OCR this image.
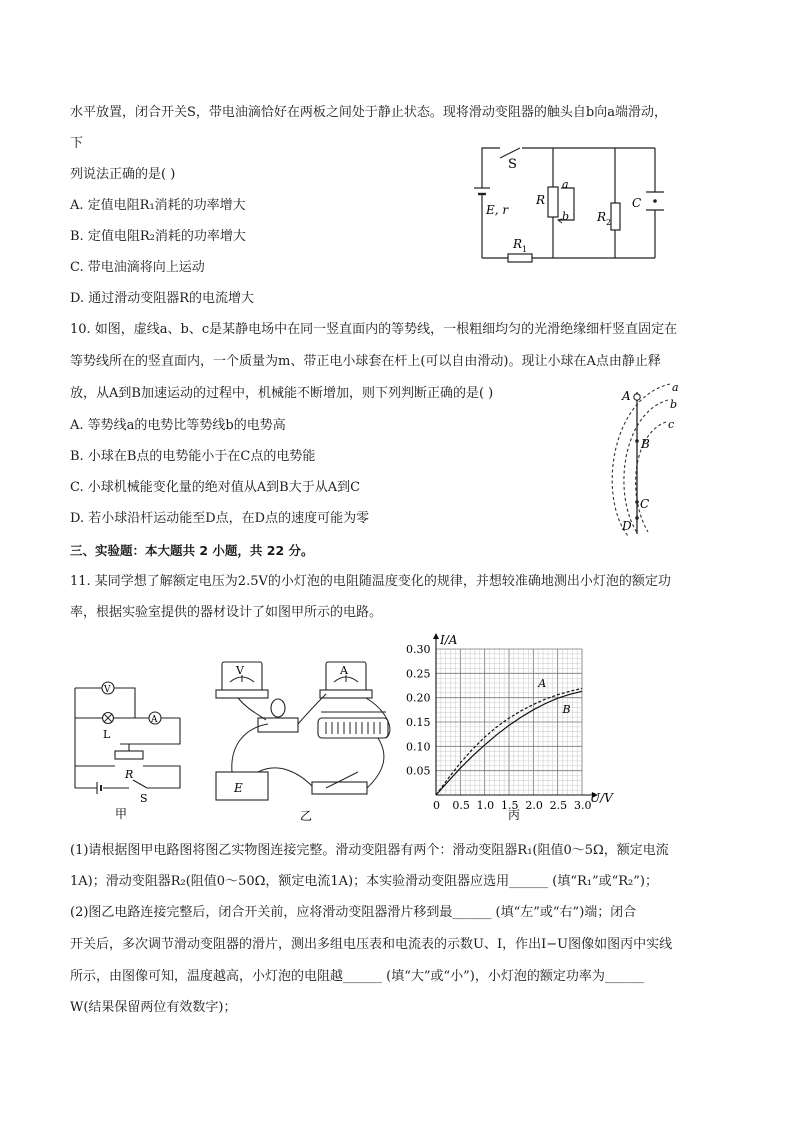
水平放置，闭合开关S，带电油滴恰好在两板之间处于静止状态。现将滑动变阻器的触头自b向a端滑动，
下
列说法正确的是( )
A. 定值电阻R₁消耗的功率增大
B. 定值电阻R₂消耗的功率增大
C. 带电油滴将向上运动
D. 通过滑动变阻器R的电流增大
S
E, r
R
a
b R 2
C
R 1
10. 如图，虚线a、b、c是某静电场中在同一竖直面内的等势线，一根粗细均匀的光滑绝缘细杆竖直固定在
等势线所在的竖直面内，一个质量为m、带正电小球套在杆上(可以自由滑动)。现让小球在A点由静止释
放，从A到B加速运动的过程中，机械能不断增加，则下列判断正确的是( )
A. 等势线a的电势比等势线b的电势高
B. 小球在B点的电势能小于在C点的电势能
C. 小球机械能变化量的绝对值从A到B大于从A到C
D. 若小球沿杆运动能至D点，在D点的速度可能为零
A
B
C
D
a
b
c
三、实验题：本大题共 2 小题，共 22 分。
11. 某同学想了解额定电压为2.5V的小灯泡的电阻随温度变化的规律，并想较准确地测出小灯泡的额定功
率，根据实验室提供的器材设计了如图甲所示的电路。
V
A
L
R
S
甲
V	A
E
乙
0 0.5 1.0 1.5 2.0 2.5 3.0
0.05
0.10
0.15
0.20
0.25
0.30
A
B
I/A
U/V
丙
(1)请根据图甲电路图将图乙实物图连接完整。滑动变阻器有两个：滑动变阻器R₁(阻值0～5Ω，额定电流
1A)；滑动变阻器R₂(阻值0～50Ω，额定电流1A)；本实验滑动变阻器应选用______ (填“R₁”或“R₂”)；
(2)图乙电路连接完整后，闭合开关前，应将滑动变阻器滑片移到最______ (填“左”或“右”)端；闭合
开关后，多次调节滑动变阻器的滑片，测出多组电压表和电流表的示数U、I，作出I−U图像如图丙中实线
所示，由图像可知，温度越高，小灯泡的电阻越______ (填“大”或“小”)，小灯泡的额定功率为______
W(结果保留两位有效数字)；
